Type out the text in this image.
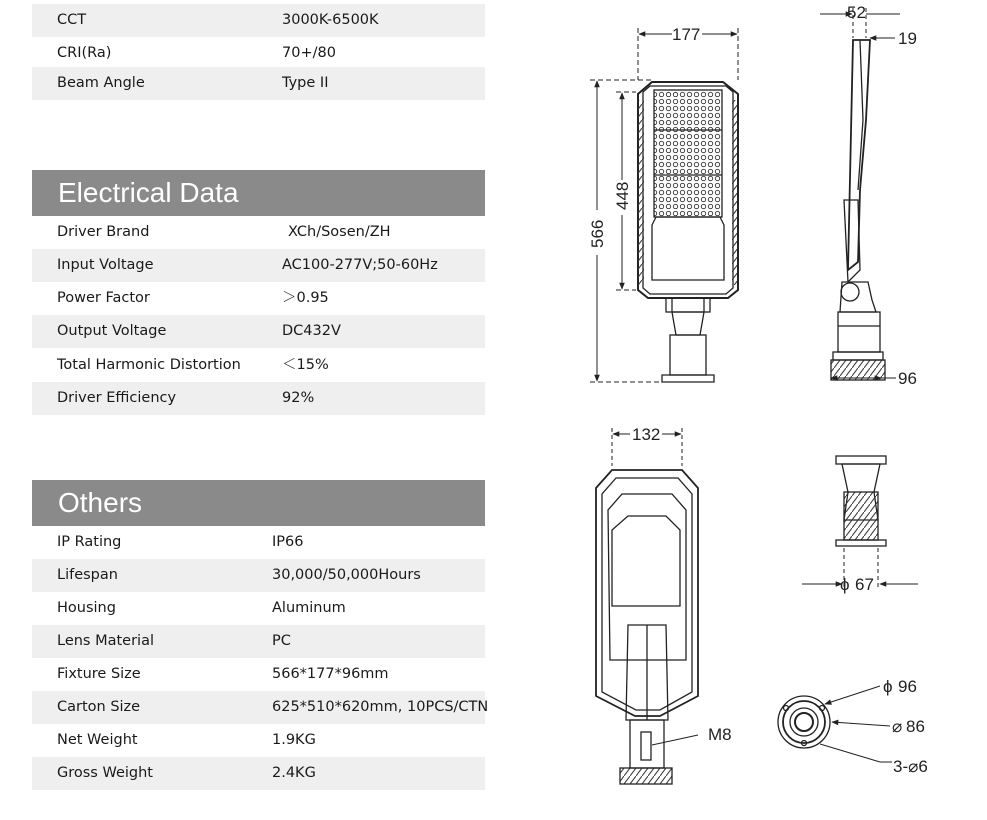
CCT	3000K-6500K
CRI(Ra)	70+/80
Beam Angle	Type II
Electrical Data
Driver Brand	XCh/Sosen/ZH
Input Voltage	AC100-277V;50-60Hz
Power Factor	＞0.95
Output Voltage	DC432V
Total Harmonic Distortion	＜15%
Driver Efficiency	92%
Others
IP Rating	IP66
Lifespan	30,000/50,000Hours
Housing	Aluminum
Lens Material	PC
Fixture Size	566*177*96mm
Carton Size	625*510*620mm, 10PCS/CTN
Net Weight	1.9KG
Gross Weight	2.4KG
177
566
448
52
19
96
132
M8
ϕ 67
ϕ 96
⌀ 86
3-⌀6
